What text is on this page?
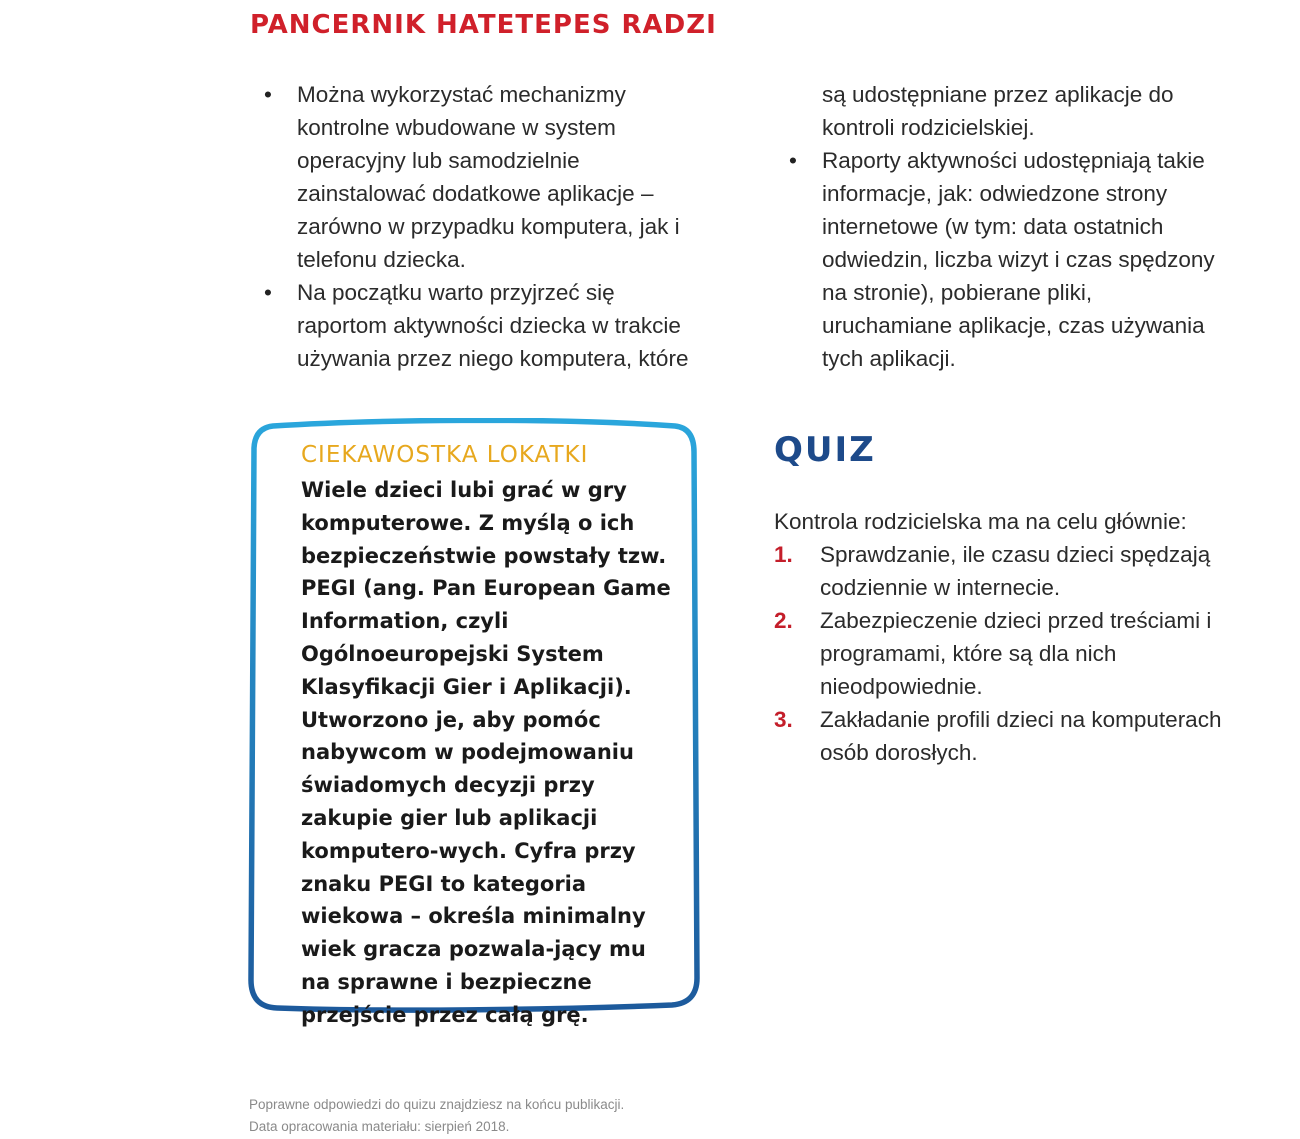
PANCERNIK HATETEPES RADZI
• Można wykorzystać mechanizmy kontrolne wbudowane w system operacyjny lub samodzielnie zainstalować dodatkowe aplikacje – zarówno w przypadku komputera, jak i telefonu dziecka.
• Na początku warto przyjrzeć się raportom aktywności dziecka w trakcie używania przez niego komputera, które są udostępniane przez aplikacje do kontroli rodzicielskiej.
• Raporty aktywności udostępniają takie informacje, jak: odwiedzone strony internetowe (w tym: data ostatnich odwiedzin, liczba wizyt i czas spędzony na stronie), pobierane pliki, uruchamiane aplikacje, czas używania tych aplikacji.
CIEKAWOSTKA LOKATKI

Wiele dzieci lubi grać w gry komputerowe. Z myślą o ich bezpieczeństwie powstały tzw. PEGI (ang. Pan European Game Information, czyli Ogólnoeuropejski System Klasyfikacji Gier i Aplikacji). Utworzono je, aby pomóc nabywcom w podejmowaniu świadomych decyzji przy zakupie gier lub aplikacji komputero-wych. Cyfra przy znaku PEGI to kategoria wiekowa – określa minimalny wiek gracza pozwala-jący mu na sprawne i bezpieczne przejście przez całą grę.

QUIZ

Kontrola rodzicielska ma na celu głównie:

1. Sprawdzanie, ile czasu dzieci spędzają codziennie w internecie.
2. Zabezpieczenie dzieci przed treściami i programami, które są dla nich nieodpowiednie.
3. Zakładanie profili dzieci na komputerach osób dorosłych.

Poprawne odpowiedzi do quizu znajdziesz na końcu publikacji.

Data opracowania materiału: sierpień 2018.
